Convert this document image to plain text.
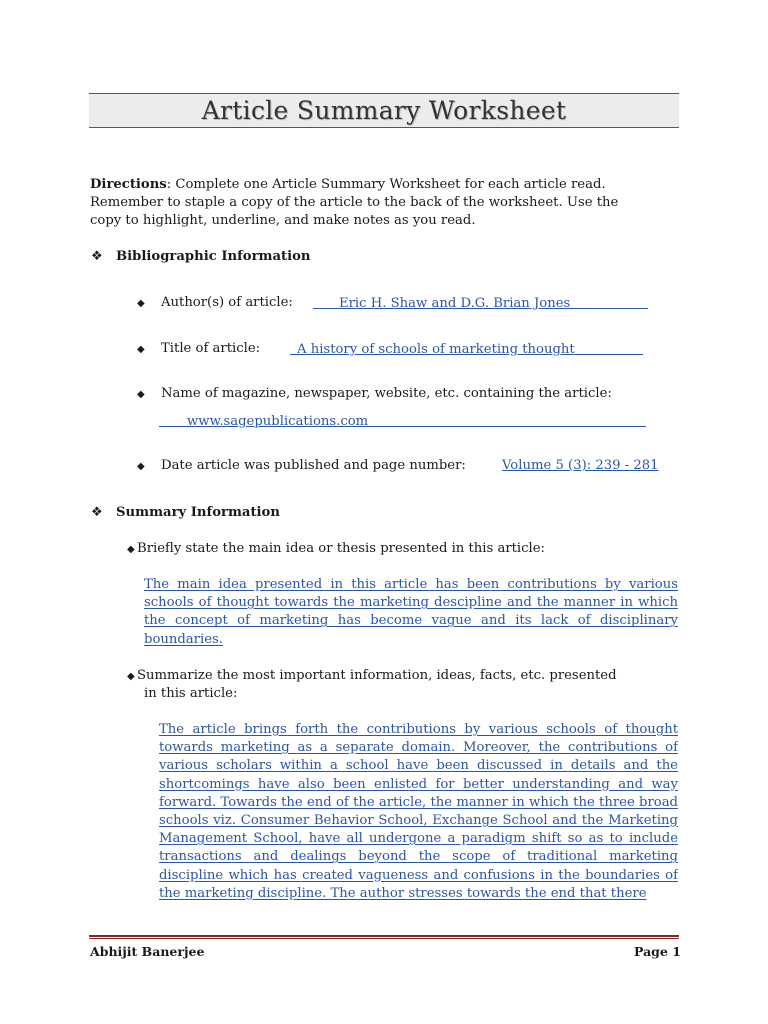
Article Summary Worksheet
Directions: Complete one Article Summary Worksheet for each article read.
Remember to staple a copy of the article to the back of the worksheet. Use the
copy to highlight, underline, and make notes as you read.
❖ Bibliographic Information
◆ Author(s) of article:	Eric H. Shaw and D.G. Brian Jones
◆ Title of article:	A history of schools of marketing thought
◆ Name of magazine, newspaper, website, etc. containing the article:
www.sagepublications.com
◆ Date article was published and page number:	Volume 5 (3): 239 - 281
❖ Summary Information
◆ Briefly state the main idea or thesis presented in this article:
The main idea presented in this article has been contributions by various schools of thought towards the marketing descipline and the manner in which the concept of marketing has become vague and its lack of disciplinary boundaries.
◆ Summarize the most important information, ideas, facts, etc. presented
in this article:
The article brings forth the contributions by various schools of thought towards marketing as a separate domain. Moreover, the contributions of various scholars within a school have been discussed in details and the shortcomings have also been enlisted for better understanding and way forward. Towards the end of the article, the manner in which the three broad schools viz. Consumer Behavior School, Exchange School and the Marketing Management School, have all undergone a paradigm shift so as to include transactions and dealings beyond the scope of traditional marketing discipline which has created vagueness and confusions in the boundaries of the marketing discipline. The author stresses towards the end that there
Abhijit Banerjee	Page 1
